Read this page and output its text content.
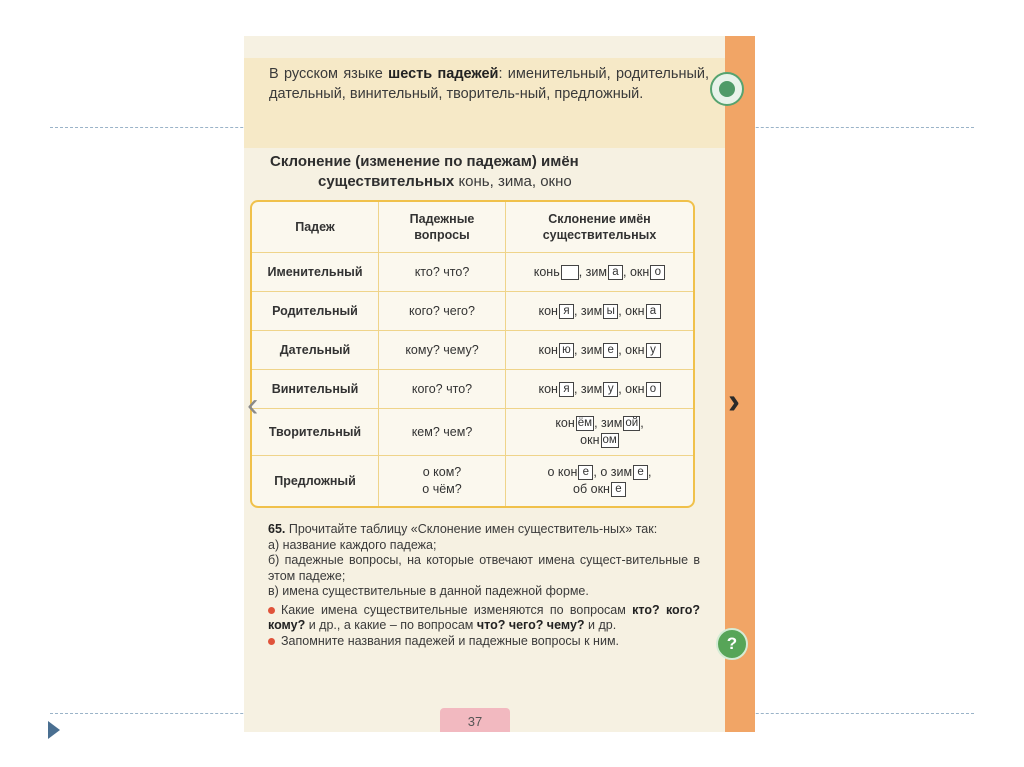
В русском языке шесть падежей: именительный, родительный, дательный, винительный, творитель-ный, предложный.
Склонение (изменение по падежам) имён
существительных конь, зима, окно
Падеж	Падежные вопросы	Склонение имён существительных
Именительный	кто? что?	конь , зим а , окн о
Родительный	кого? чего?	кон я , зим ы , окн а
Дательный	кому? чему?	кон ю , зим е , окн у
Винительный	кого? что?	кон я , зим у , окн о
Творительный	кем? чем?	кон ём , зим ой ,
окн ом
Предложный	о ком?
о чём?	о кон е , о зим е ,
об окн е

65. Прочитайте таблицу «Склонение имен существитель-ных» так:

а) название каждого падежа;

б) падежные вопросы, на которые отвечают имена сущест-вительные в этом падеже;

в) имена существительные в данной падежной форме.

Какие имена существительные изменяются по вопросам кто? кого? кому? и др., а какие – по вопросам что? чего? чему? и др.

Запомните названия падежей и падежные вопросы к ним.	?
37
‹	›
